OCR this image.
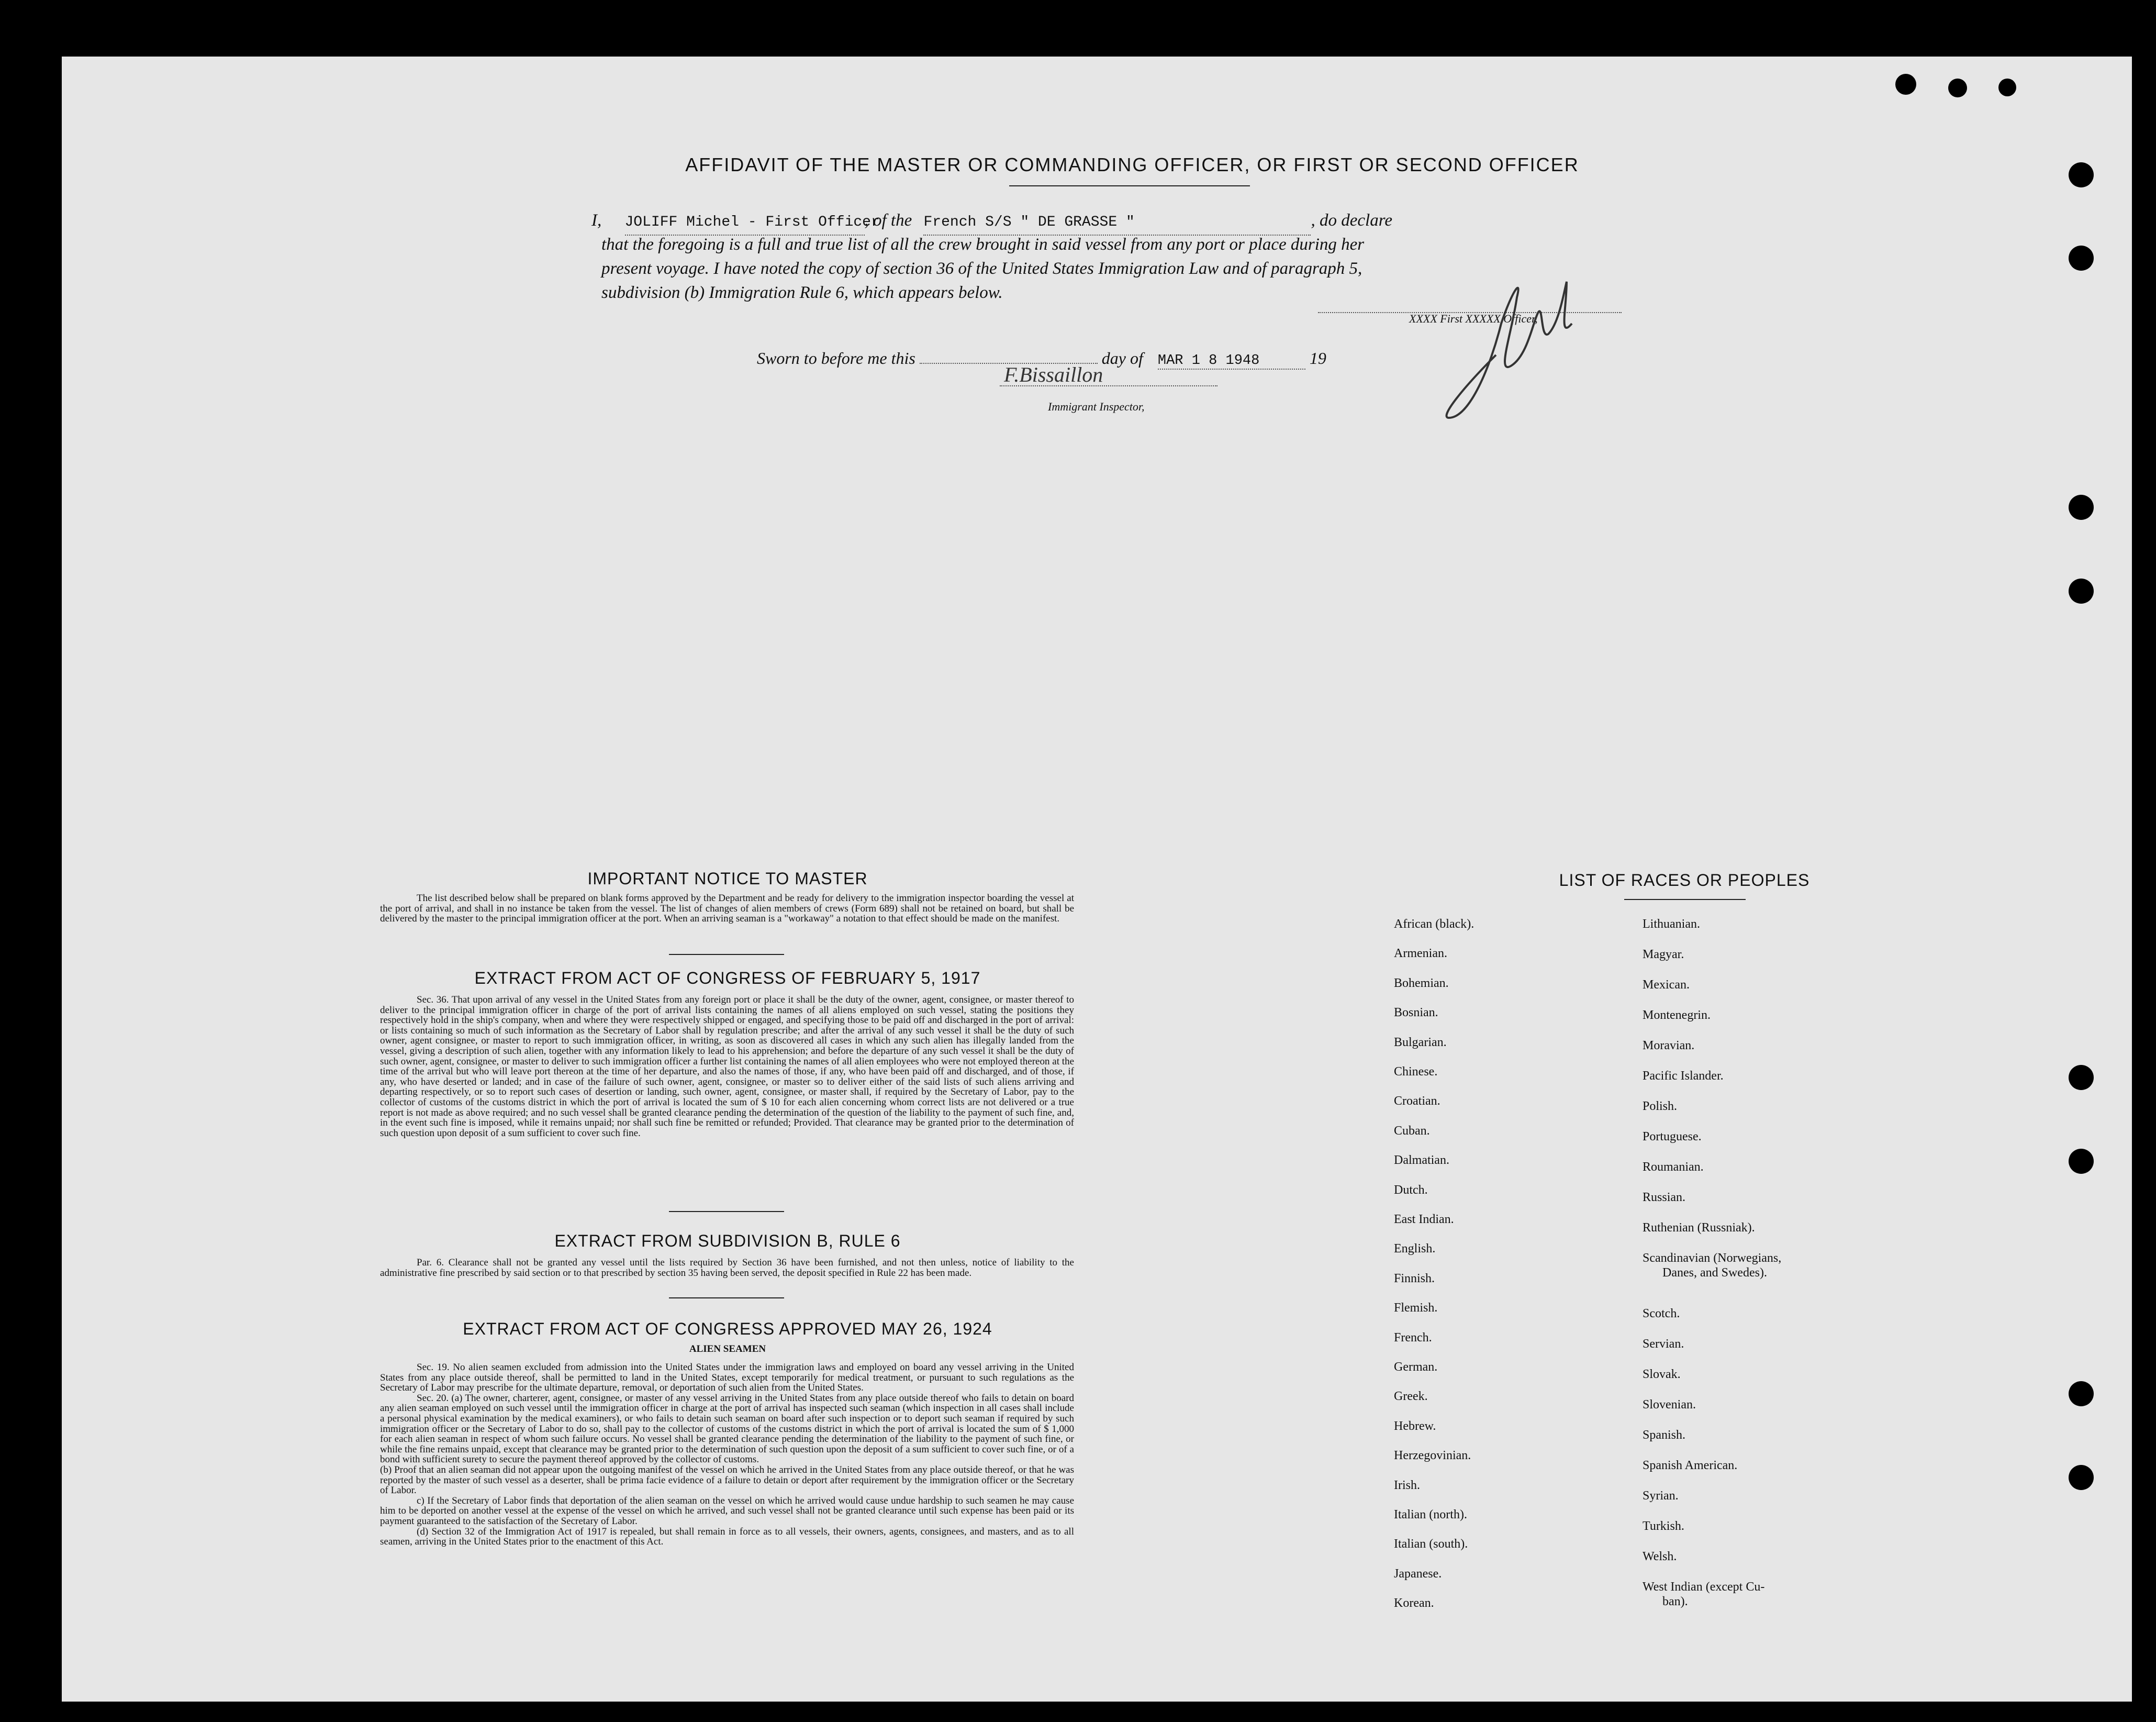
AFFIDAVIT OF THE MASTER OR COMMANDING OFFICER, OR FIRST OR SECOND OFFICER
I, JOLIFF Michel - First Officer, of the French S/S " DE GRASSE "	, do declare
that the foregoing is a full and true list of all the crew brought in said vessel from any port or place during her
present voyage. I have noted the copy of section 36 of the United States Immigration Law and of paragraph 5,
subdivision (b) Immigration Rule 6, which appears below.
XXXX First XXXXX Officer,
Sworn to before me this	day of MAR 1 8 1948	19
F.Bissaillon
Immigrant Inspector,
IMPORTANT NOTICE TO MASTER

The list described below shall be prepared on blank forms approved by the Department and be ready for delivery to the immigration inspector boarding the vessel at the port of arrival, and shall in no instance be taken from the vessel. The list of changes of alien members of crews (Form 689) shall not be retained on board, but shall be delivered by the master to the principal immigration officer at the port. When an arriving seaman is a "workaway" a notation to that effect should be made on the manifest.

EXTRACT FROM ACT OF CONGRESS OF FEBRUARY 5, 1917

Sec. 36. That upon arrival of any vessel in the United States from any foreign port or place it shall be the duty of the owner, agent, consignee, or master thereof to deliver to the principal immigration officer in charge of the port of arrival lists containing the names of all aliens employed on such vessel, stating the positions they respectively hold in the ship's company, when and where they were respectively shipped or engaged, and specifying those to be paid off and discharged in the port of arrival: or lists containing so much of such information as the Secretary of Labor shall by regulation prescribe; and after the arrival of any such vessel it shall be the duty of such owner, agent consignee, or master to report to such immigration officer, in writing, as soon as discovered all cases in which any such alien has illegally landed from the vessel, giving a description of such alien, together with any information likely to lead to his apprehension; and before the departure of any such vessel it shall be the duty of such owner, agent, consignee, or master to deliver to such immigration officer a further list containing the names of all alien employees who were not employed thereon at the time of the arrival but who will leave port thereon at the time of her departure, and also the names of those, if any, who have been paid off and discharged, and of those, if any, who have deserted or landed; and in case of the failure of such owner, agent, consignee, or master so to deliver either of the said lists of such aliens arriving and departing respectively, or so to report such cases of desertion or landing, such owner, agent, consignee, or master shall, if required by the Secretary of Labor, pay to the collector of customs of the customs district in which the port of arrival is located the sum of $ 10 for each alien concerning whom correct lists are not delivered or a true report is not made as above required; and no such vessel shall be granted clearance pending the determination of the question of the liability to the payment of such fine, and, in the event such fine is imposed, while it remains unpaid; nor shall such fine be remitted or refunded; Provided. That clearance may be granted prior to the determination of such question upon deposit of a sum sufficient to cover such fine.

EXTRACT FROM SUBDIVISION B, RULE 6

Par. 6. Clearance shall not be granted any vessel until the lists required by Section 36 have been furnished, and not then unless, notice of liability to the administrative fine prescribed by said section or to that prescribed by section 35 having been served, the deposit specified in Rule 22 has been made.

EXTRACT FROM ACT OF CONGRESS APPROVED MAY 26, 1924
ALIEN SEAMEN

Sec. 19. No alien seamen excluded from admission into the United States under the immigration laws and employed on board any vessel arriving in the United States from any place outside thereof, shall be permitted to land in the United States, except temporarily for medical treatment, or pursuant to such regulations as the Secretary of Labor may prescribe for the ultimate departure, removal, or deportation of such alien from the United States.

Sec. 20. (a) The owner, charterer, agent, consignee, or master of any vessel arriving in the United States from any place outside thereof who fails to detain on board any alien seaman employed on such vessel until the immigration officer in charge at the port of arrival has inspected such seaman (which inspection in all cases shall include a personal physical examination by the medical examiners), or who fails to detain such seaman on board after such inspection or to deport such seaman if required by such immigration officer or the Secretary of Labor to do so, shall pay to the collector of customs of the customs district in which the port of arrival is located the sum of $ 1,000 for each alien seaman in respect of whom such failure occurs. No vessel shall be granted clearance pending the determination of the liability to the payment of such fine, or while the fine remains unpaid, except that clearance may be granted prior to the determination of such question upon the deposit of a sum sufficient to cover such fine, or of a bond with sufficient surety to secure the payment thereof approved by the collector of customs.

(b) Proof that an alien seaman did not appear upon the outgoing manifest of the vessel on which he arrived in the United States from any place outside thereof, or that he was reported by the master of such vessel as a deserter, shall be prima facie evidence of a failure to detain or deport after requirement by the immigration officer or the Secretary of Labor.

c) If the Secretary of Labor finds that deportation of the alien seaman on the vessel on which he arrived would cause undue hardship to such seamen he may cause him to be deported on another vessel at the expense of the vessel on which he arrived, and such vessel shall not be granted clearance until such expense has been paid or its payment guaranteed to the satisfaction of the Secretary of Labor.

(d) Section 32 of the Immigration Act of 1917 is repealed, but shall remain in force as to all vessels, their owners, agents, consignees, and masters, and as to all seamen, arriving in the United States prior to the enactment of this Act.

LIST OF RACES OR PEOPLES
African (black).
Armenian.
Bohemian.
Bosnian.
Bulgarian.
Chinese.
Croatian.
Cuban.
Dalmatian.
Dutch.
East Indian.
English.
Finnish.
Flemish.
French.
German.
Greek.
Hebrew.
Herzegovinian.
Irish.
Italian (north).
Italian (south).
Japanese.
Korean.
Lithuanian.
Magyar.
Mexican.
Montenegrin.
Moravian.
Pacific Islander.
Polish.
Portuguese.
Roumanian.
Russian.
Ruthenian (Russniak).
Scandinavian (Norwegians,
Danes, and Swedes).
Scotch.
Servian.
Slovak.
Slovenian.
Spanish.
Spanish American.
Syrian.
Turkish.
Welsh.
West Indian (except Cu-
ban).
